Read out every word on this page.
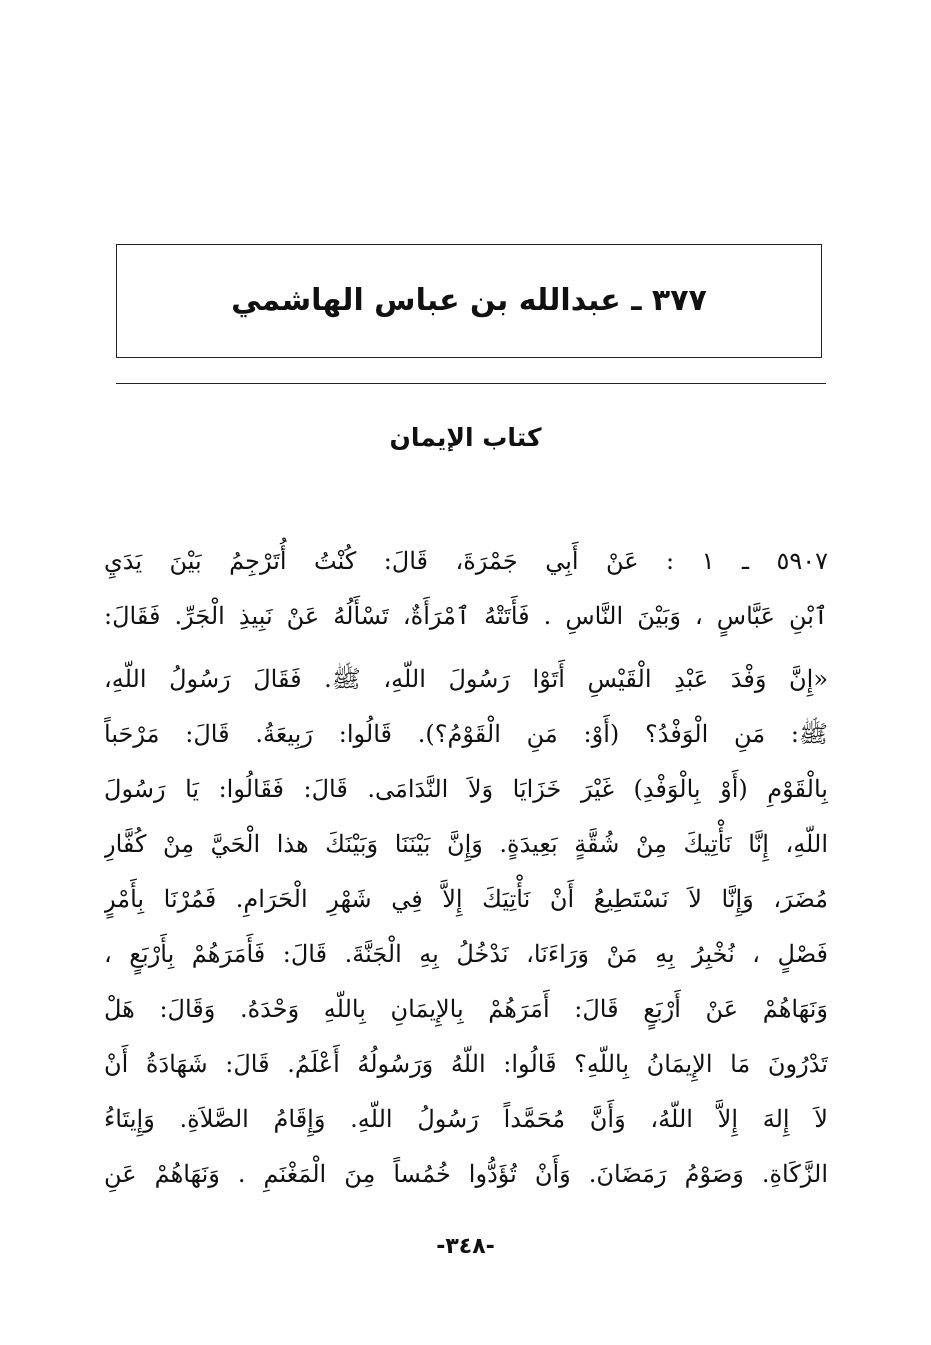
٣٧٧ ـ عبدالله بن عباس الهاشمي
كتاب الإيمان
٥٩٠٧ ـ ١ : عَنْ أَبِي جَمْرَةَ، قَالَ: كُنْتُ أُتَرْجِمُ بَيْنَ يَدَيِ
ٱبْنِ عَبَّاسٍ ، وَبَيْنَ النَّاسِ . فَأَتَتْهُ ٱمْرَأَةٌ، تَسْأَلُهُ عَنْ نَبِيذِ الْجَرِّ. فَقَالَ:
«إِنَّ وَفْدَ عَبْدِ الْقَيْسِ أَتَوْا رَسُولَ اللّهِ، ﷺ. فَقَالَ رَسُولُ اللّهِ،
ﷺ: مَنِ الْوَفْدُ؟ (أَوْ: مَنِ الْقَوْمُ؟). قَالُوا: رَبِيعَةُ. قَالَ: مَرْحَباً
بِالْقَوْمِ (أَوْ بِالْوَفْدِ) غَيْرَ خَزَايَا وَلاَ النَّدَامَى. قَالَ: فَقَالُوا: يَا رَسُولَ
اللّهِ، إِنَّا نَأْتِيكَ مِنْ شُقَّةٍ بَعِيدَةٍ. وَإِنَّ بَيْنَنَا وَبَيْنَكَ هذا الْحَيَّ مِنْ كُفَّارِ
مُضَرَ، وَإِنَّا لاَ نَسْتَطِيعُ أَنْ نَأْتِيَكَ إِلاَّ فِي شَهْرِ الْحَرَامِ. فَمُرْنَا بِأَمْرٍ
فَصْلٍ ، نُخْبِرُ بِهِ مَنْ وَرَاءَنَا، نَدْخُلُ بِهِ الْجَنَّةَ. قَالَ: فَأَمَرَهُمْ بِأَرْبَعٍ ،
وَنَهَاهُمْ عَنْ أَرْبَعٍ قَالَ: أَمَرَهُمْ بِالإِيمَانِ بِاللّهِ وَحْدَهُ. وَقَالَ: هَلْ
تَدْرُونَ مَا الإِيمَانُ بِاللّهِ؟ قَالُوا: اللّهُ وَرَسُولُهُ أَعْلَمُ. قَالَ: شَهَادَةُ أَنْ
لاَ إِلهَ إِلاَّ اللّهُ، وَأَنَّ مُحَمَّداً رَسُولُ اللّهِ. وَإِقَامُ الصَّلاَةِ. وَإِيتَاءُ
الزَّكَاةِ. وَصَوْمُ رَمَضَانَ. وَأَنْ تُؤَدُّوا خُمُساً مِنَ الْمَغْنَمِ . وَنَهَاهُمْ عَنِ
-٣٤٨-
